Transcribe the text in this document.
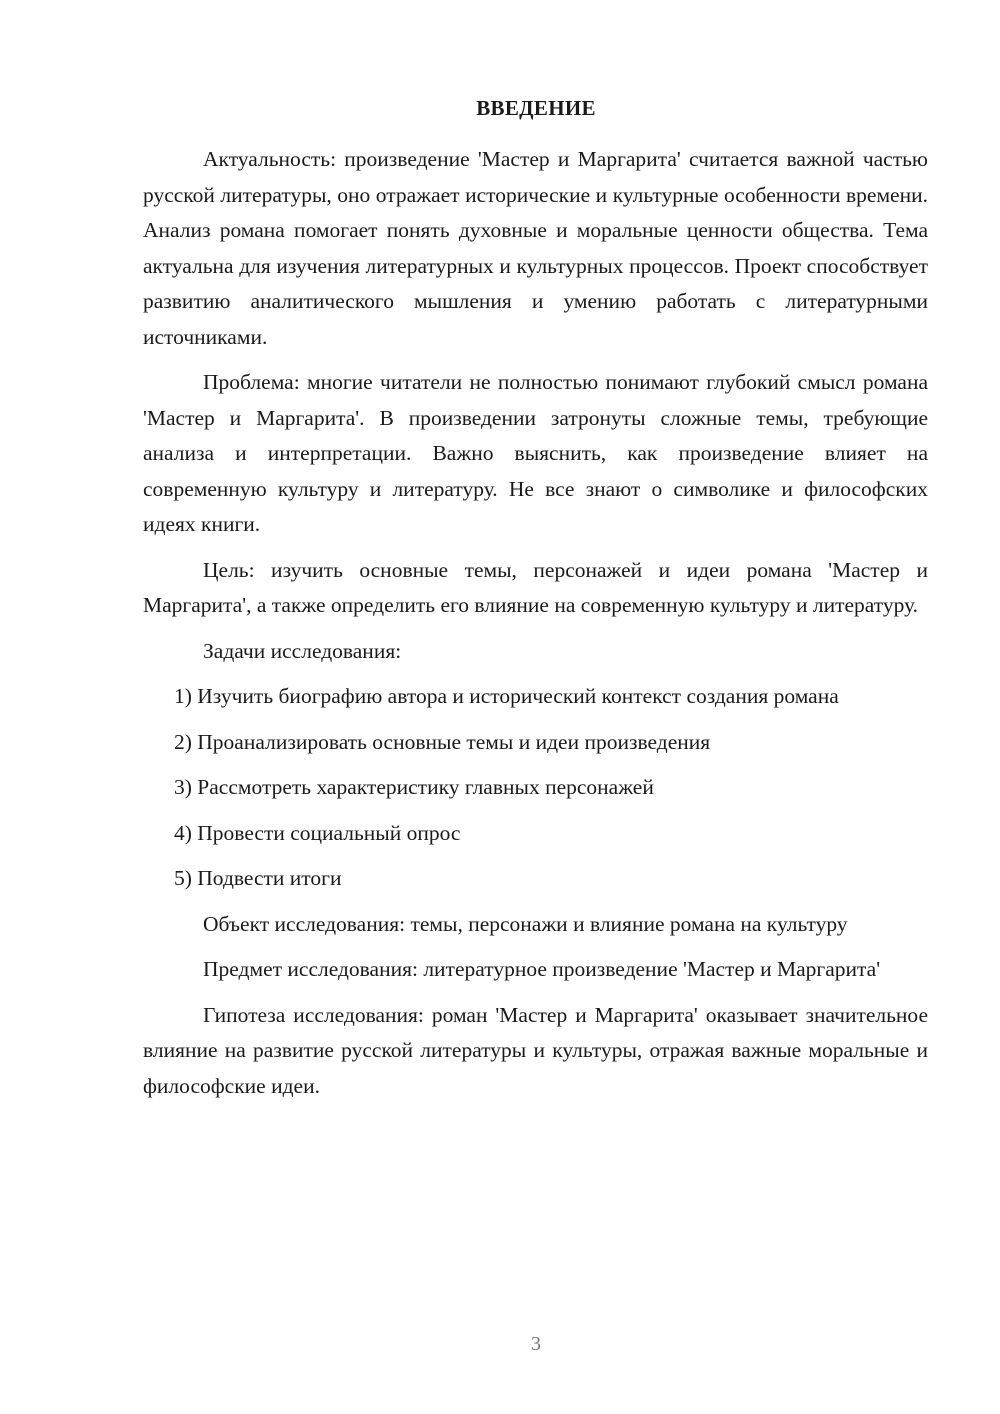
ВВЕДЕНИЕ

Актуальность: произведение 'Мастер и Маргарита' считается важной частью русской литературы, оно отражает исторические и культурные особенности времени. Анализ романа помогает понять духовные и моральные ценности общества. Тема актуальна для изучения литературных и культурных процессов. Проект способствует развитию аналитического мышления и умению работать с литературными источниками.

Проблема: многие читатели не полностью понимают глубокий смысл романа 'Мастер и Маргарита'. В произведении затронуты сложные темы, требующие анализа и интерпретации. Важно выяснить, как произведение влияет на современную культуру и литературу. Не все знают о символике и философских идеях книги.

Цель: изучить основные темы, персонажей и идеи романа 'Мастер и Маргарита', а также определить его влияние на современную культуру и литературу.

Задачи исследования:

1) Изучить биографию автора и исторический контекст создания романа

2) Проанализировать основные темы и идеи произведения

3) Рассмотреть характеристику главных персонажей

4) Провести социальный опрос

5) Подвести итоги

Объект исследования: темы, персонажи и влияние романа на культуру

Предмет исследования: литературное произведение 'Мастер и Маргарита'

Гипотеза исследования: роман 'Мастер и Маргарита' оказывает значительное влияние на развитие русской литературы и культуры, отражая важные моральные и философские идеи.

3
